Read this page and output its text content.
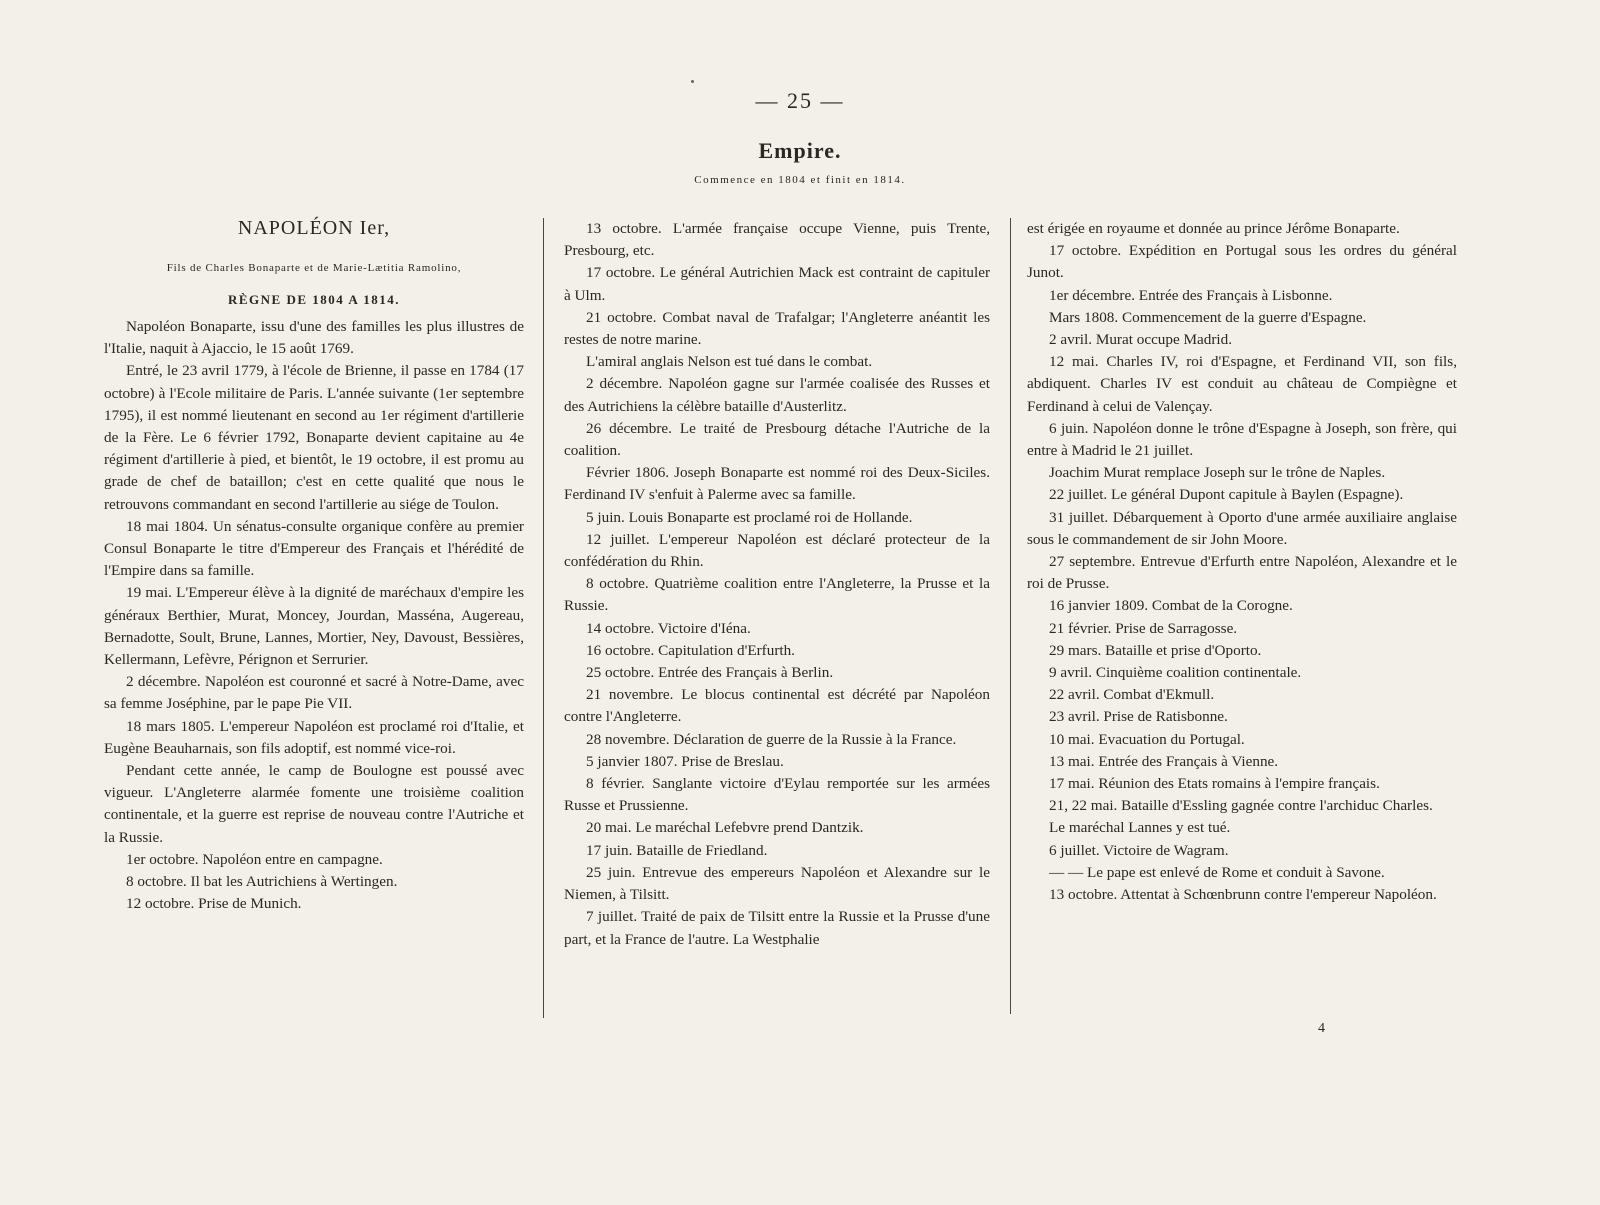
— 25 —
Empire.
Commence en 1804 et finit en 1814.
NAPOLÉON Ier,
Fils de Charles Bonaparte et de Marie-Lætitia Ramolino,
RÈGNE DE 1804 A 1814.

Napoléon Bonaparte, issu d'une des familles les plus illustres de l'Italie, naquit à Ajaccio, le 15 août 1769.

Entré, le 23 avril 1779, à l'école de Brienne, il passe en 1784 (17 octobre) à l'Ecole militaire de Paris. L'année suivante (1er septembre 1795), il est nommé lieutenant en second au 1er régiment d'artillerie de la Fère. Le 6 février 1792, Bonaparte devient capitaine au 4e régiment d'artillerie à pied, et bientôt, le 19 octobre, il est promu au grade de chef de bataillon; c'est en cette qualité que nous le retrouvons commandant en second l'artillerie au siége de Toulon.

18 mai 1804. Un sénatus-consulte organique confère au premier Consul Bonaparte le titre d'Empereur des Français et l'hérédité de l'Empire dans sa famille.

19 mai. L'Empereur élève à la dignité de maréchaux d'empire les généraux Berthier, Murat, Moncey, Jourdan, Masséna, Augereau, Bernadotte, Soult, Brune, Lannes, Mortier, Ney, Davoust, Bessières, Kellermann, Lefèvre, Pérignon et Serrurier.

2 décembre. Napoléon est couronné et sacré à Notre-Dame, avec sa femme Joséphine, par le pape Pie VII.

18 mars 1805. L'empereur Napoléon est proclamé roi d'Italie, et Eugène Beauharnais, son fils adoptif, est nommé vice-roi.

Pendant cette année, le camp de Boulogne est poussé avec vigueur. L'Angleterre alarmée fomente une troisième coalition continentale, et la guerre est reprise de nouveau contre l'Autriche et la Russie.

1er octobre. Napoléon entre en campagne.

8 octobre. Il bat les Autrichiens à Wertingen.

12 octobre. Prise de Munich.

13 octobre. L'armée française occupe Vienne, puis Trente, Presbourg, etc.

17 octobre. Le général Autrichien Mack est contraint de capituler à Ulm.

21 octobre. Combat naval de Trafalgar; l'Angleterre anéantit les restes de notre marine.

L'amiral anglais Nelson est tué dans le combat.

2 décembre. Napoléon gagne sur l'armée coalisée des Russes et des Autrichiens la célèbre bataille d'Austerlitz.

26 décembre. Le traité de Presbourg détache l'Autriche de la coalition.

Février 1806. Joseph Bonaparte est nommé roi des Deux-Siciles. Ferdinand IV s'enfuit à Palerme avec sa famille.

5 juin. Louis Bonaparte est proclamé roi de Hollande.

12 juillet. L'empereur Napoléon est déclaré protecteur de la confédération du Rhin.

8 octobre. Quatrième coalition entre l'Angleterre, la Prusse et la Russie.

14 octobre. Victoire d'Iéna.

16 octobre. Capitulation d'Erfurth.

25 octobre. Entrée des Français à Berlin.

21 novembre. Le blocus continental est décrété par Napoléon contre l'Angleterre.

28 novembre. Déclaration de guerre de la Russie à la France.

5 janvier 1807. Prise de Breslau.

8 février. Sanglante victoire d'Eylau remportée sur les armées Russe et Prussienne.

20 mai. Le maréchal Lefebvre prend Dantzik.

17 juin. Bataille de Friedland.

25 juin. Entrevue des empereurs Napoléon et Alexandre sur le Niemen, à Tilsitt.

7 juillet. Traité de paix de Tilsitt entre la Russie et la Prusse d'une part, et la France de l'autre. La Westphalie

est érigée en royaume et donnée au prince Jérôme Bonaparte.

17 octobre. Expédition en Portugal sous les ordres du général Junot.

1er décembre. Entrée des Français à Lisbonne.

Mars 1808. Commencement de la guerre d'Espagne.

2 avril. Murat occupe Madrid.

12 mai. Charles IV, roi d'Espagne, et Ferdinand VII, son fils, abdiquent. Charles IV est conduit au château de Compiègne et Ferdinand à celui de Valençay.

6 juin. Napoléon donne le trône d'Espagne à Joseph, son frère, qui entre à Madrid le 21 juillet.

Joachim Murat remplace Joseph sur le trône de Naples.

22 juillet. Le général Dupont capitule à Baylen (Espagne).

31 juillet. Débarquement à Oporto d'une armée auxiliaire anglaise sous le commandement de sir John Moore.

27 septembre. Entrevue d'Erfurth entre Napoléon, Alexandre et le roi de Prusse.

16 janvier 1809. Combat de la Corogne.

21 février. Prise de Sarragosse.

29 mars. Bataille et prise d'Oporto.

9 avril. Cinquième coalition continentale.

22 avril. Combat d'Ekmull.

23 avril. Prise de Ratisbonne.

10 mai. Evacuation du Portugal.

13 mai. Entrée des Français à Vienne.

17 mai. Réunion des Etats romains à l'empire français.

21, 22 mai. Bataille d'Essling gagnée contre l'archiduc Charles.

Le maréchal Lannes y est tué.

6 juillet. Victoire de Wagram.

— — Le pape est enlevé de Rome et conduit à Savone.

13 octobre. Attentat à Schœnbrunn contre l'empereur Napoléon.

4
